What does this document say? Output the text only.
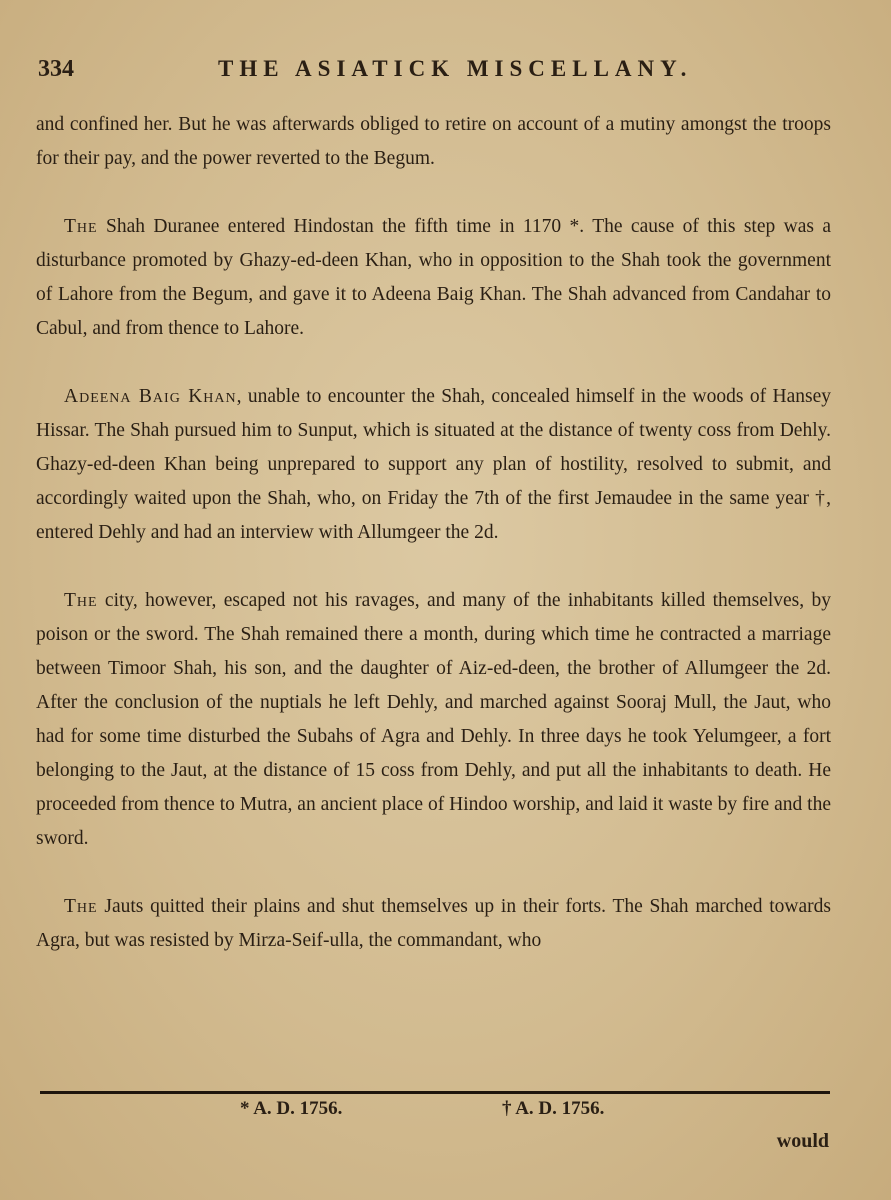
334	THE ASIATICK MISCELLANY.

and confined her. But he was afterwards obliged to retire on account of a mutiny amongst the troops for their pay, and the power reverted to the Begum.

The Shah Duranee entered Hindostan the fifth time in 1170 *. The cause of this step was a disturbance promoted by Ghazy-ed-deen Khan, who in opposition to the Shah took the government of Lahore from the Begum, and gave it to Adeena Baig Khan. The Shah advanced from Candahar to Cabul, and from thence to Lahore.

Adeena Baig Khan, unable to encounter the Shah, concealed himself in the woods of Hansey Hissar. The Shah pursued him to Sunput, which is situated at the distance of twenty coss from Dehly. Ghazy-ed-deen Khan being unprepared to support any plan of hostility, resolved to submit, and accordingly waited upon the Shah, who, on Friday the 7th of the first Jemaudee in the same year †, entered Dehly and had an interview with Allumgeer the 2d.

The city, however, escaped not his ravages, and many of the inhabitants killed themselves, by poison or the sword. The Shah remained there a month, during which time he contracted a marriage between Timoor Shah, his son, and the daughter of Aiz-ed-deen, the brother of Allumgeer the 2d. After the conclusion of the nuptials he left Dehly, and marched against Sooraj Mull, the Jaut, who had for some time disturbed the Subahs of Agra and Dehly. In three days he took Yelumgeer, a fort belonging to the Jaut, at the distance of 15 coss from Dehly, and put all the inhabitants to death. He proceeded from thence to Mutra, an ancient place of Hindoo worship, and laid it waste by fire and the sword.

The Jauts quitted their plains and shut themselves up in their forts. The Shah marched towards Agra, but was resisted by Mirza-Seif-ulla, the commandant, who

* A. D. 1756.	† A. D. 1756.
would
